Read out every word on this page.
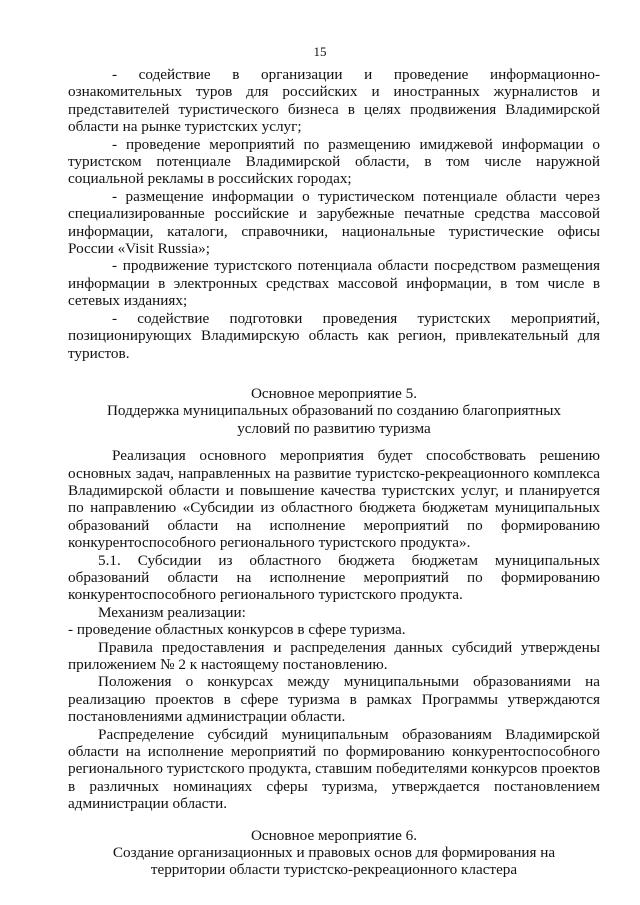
15

- содействие в организации и проведение информационно-ознакомительных туров для российских и иностранных журналистов и представителей туристического бизнеса в целях продвижения Владимирской области на рынке туристских услуг;

- проведение мероприятий по размещению имиджевой информации о туристском потенциале Владимирской области, в том числе наружной социальной рекламы в российских городах;

- размещение информации о туристическом потенциале области через специализированные российские и зарубежные печатные средства массовой информации, каталоги, справочники, национальные туристические офисы России «Visit Russia»;

- продвижение туристского потенциала области посредством размещения информации в электронных средствах массовой информации, в том числе в сетевых изданиях;

- содействие подготовки проведения туристских мероприятий, позиционирующих Владимирскую область как регион, привлекательный для туристов.

Основное мероприятие 5.

Поддержка муниципальных образований по созданию благоприятных

условий по развитию туризма

Реализация основного мероприятия будет способствовать решению основных задач, направленных на развитие туристско-рекреационного комплекса Владимирской области и повышение качества туристских услуг, и планируется по направлению «Субсидии из областного бюджета бюджетам муниципальных образований области на исполнение мероприятий по формированию конкурентоспособного регионального туристского продукта».

5.1. Субсидии из областного бюджета бюджетам муниципальных образований области на исполнение мероприятий по формированию конкурентоспособного регионального туристского продукта.

Механизм реализации:

- проведение областных конкурсов в сфере туризма.

Правила предоставления и распределения данных субсидий утверждены приложением № 2 к настоящему постановлению.

Положения о конкурсах между муниципальными образованиями на реализацию проектов в сфере туризма в рамках Программы утверждаются постановлениями администрации области.

Распределение субсидий муниципальным образованиям Владимирской области на исполнение мероприятий по формированию конкурентоспособного регионального туристского продукта, ставшим победителями конкурсов проектов в различных номинациях сферы туризма, утверждается постановлением администрации области.

Основное мероприятие 6.

Создание организационных и правовых основ для формирования на

территории области туристско-рекреационного кластера
